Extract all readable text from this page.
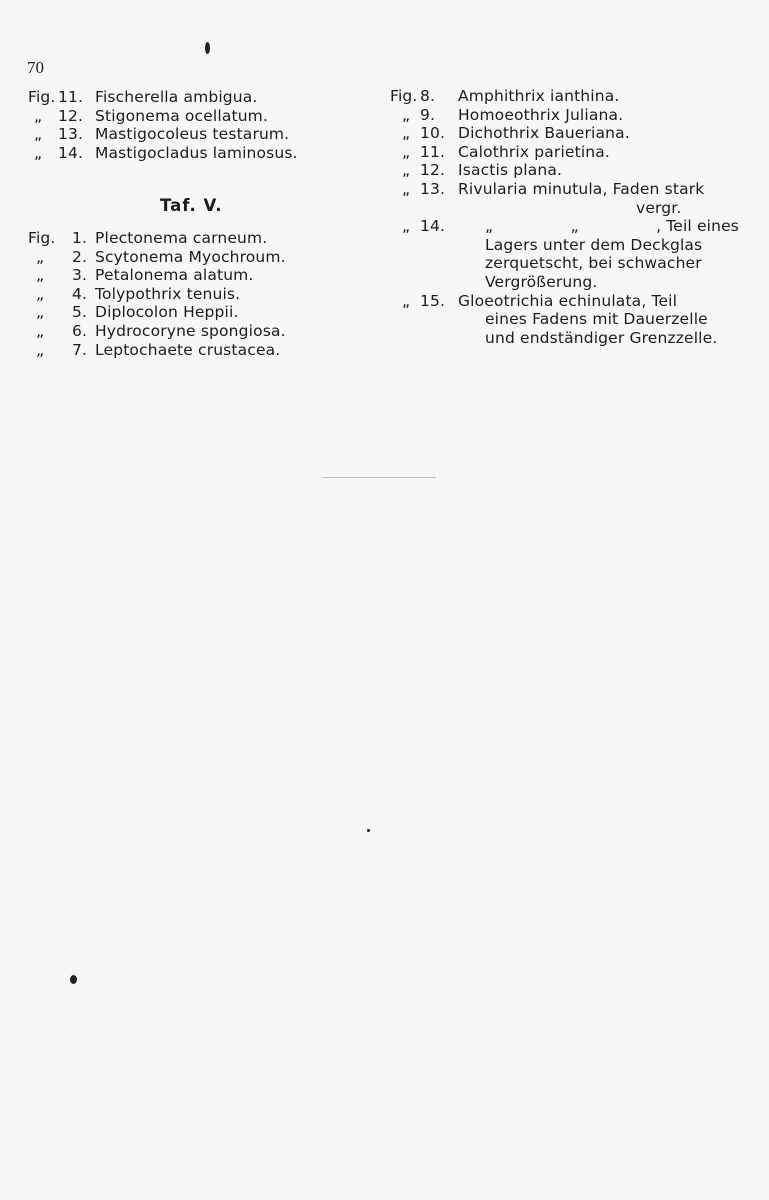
70
Fig. 11. Fischerella ambigua.
„ 12. Stigonema ocellatum.
„ 13. Mastigocoleus testarum.
„ 14. Mastigocladus laminosus.
Taf. V.
Fig. 1. Plectonema carneum.
„ 2. Scytonema Myochroum.
„ 3. Petalonema alatum.
„ 4. Tolypothrix tenuis.
„ 5. Diplocolon Heppii.
„ 6. Hydrocoryne spongiosa.
„ 7. Leptochaete crustacea.
Fig. 8. Amphithrix ianthina.
„ 9. Homoeothrix Juliana.
„ 10. Dichothrix Baueriana.
„ 11. Calothrix parietina.
„ 12. Isactis plana.
„ 13. Rivularia minutula, Faden stark
vergr.
„ 14.	„	„	, Teil eines
Lagers unter dem Deckglas
zerquetscht, bei schwacher
Vergrößerung.
„ 15. Gloeotrichia echinulata, Teil
eines Fadens mit Dauerzelle
und endständiger Grenzzelle.
